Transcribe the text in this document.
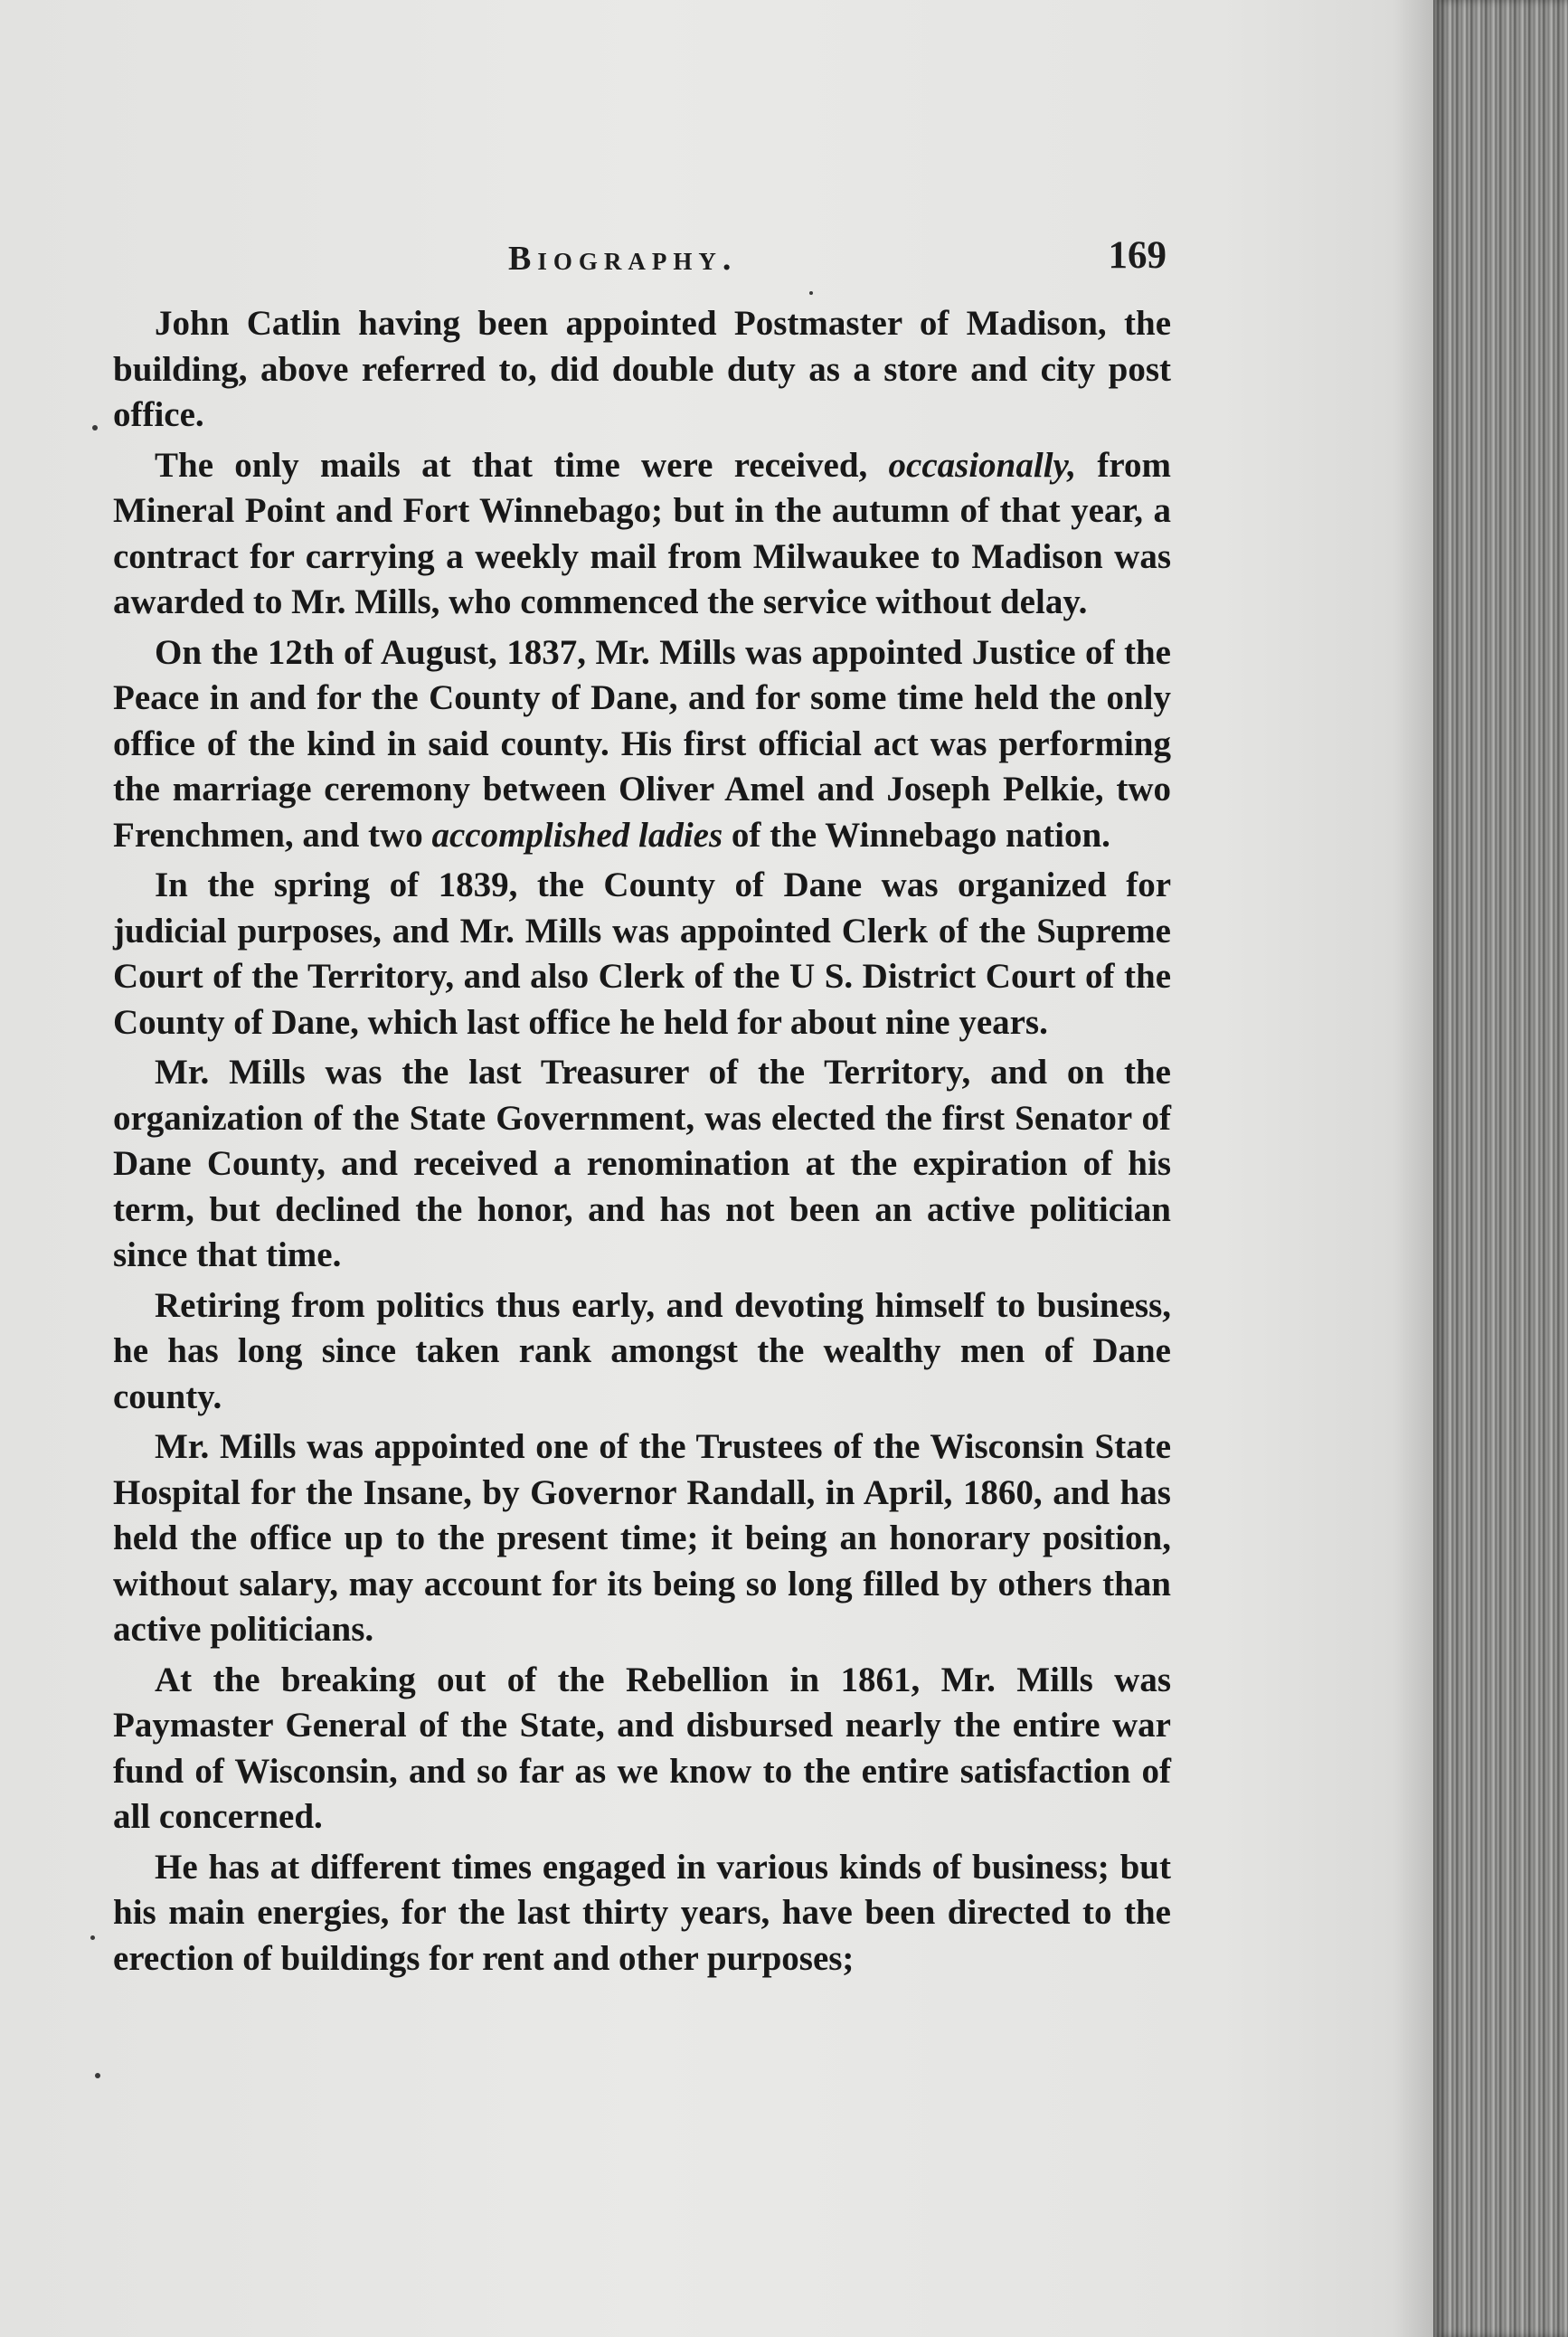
Biography.	169

John Catlin having been appointed Postmaster of Madison, the building, above referred to, did double duty as a store and city post office.

The only mails at that time were received, occasionally, from Mineral Point and Fort Winnebago; but in the autumn of that year, a contract for carrying a weekly mail from Milwaukee to Madison was awarded to Mr. Mills, who commenced the service without delay.

On the 12th of August, 1837, Mr. Mills was appointed Justice of the Peace in and for the County of Dane, and for some time held the only office of the kind in said county. His first official act was performing the marriage ceremony between Oliver Amel and Joseph Pelkie, two Frenchmen, and two accomplished ladies of the Winnebago nation.

In the spring of 1839, the County of Dane was organized for judicial purposes, and Mr. Mills was appointed Clerk of the Supreme Court of the Territory, and also Clerk of the U S. District Court of the County of Dane, which last office he held for about nine years.

Mr. Mills was the last Treasurer of the Territory, and on the organization of the State Government, was elected the first Senator of Dane County, and received a renomination at the expiration of his term, but declined the honor, and has not been an active politician since that time.

Retiring from politics thus early, and devoting himself to business, he has long since taken rank amongst the wealthy men of Dane county.

Mr. Mills was appointed one of the Trustees of the Wisconsin State Hospital for the Insane, by Governor Randall, in April, 1860, and has held the office up to the present time; it being an honorary position, without salary, may account for its being so long filled by others than active politicians.

At the breaking out of the Rebellion in 1861, Mr. Mills was Paymaster General of the State, and disbursed nearly the entire war fund of Wisconsin, and so far as we know to the entire satisfaction of all concerned.

He has at different times engaged in various kinds of business; but his main energies, for the last thirty years, have been directed to the erection of buildings for rent and other purposes;
